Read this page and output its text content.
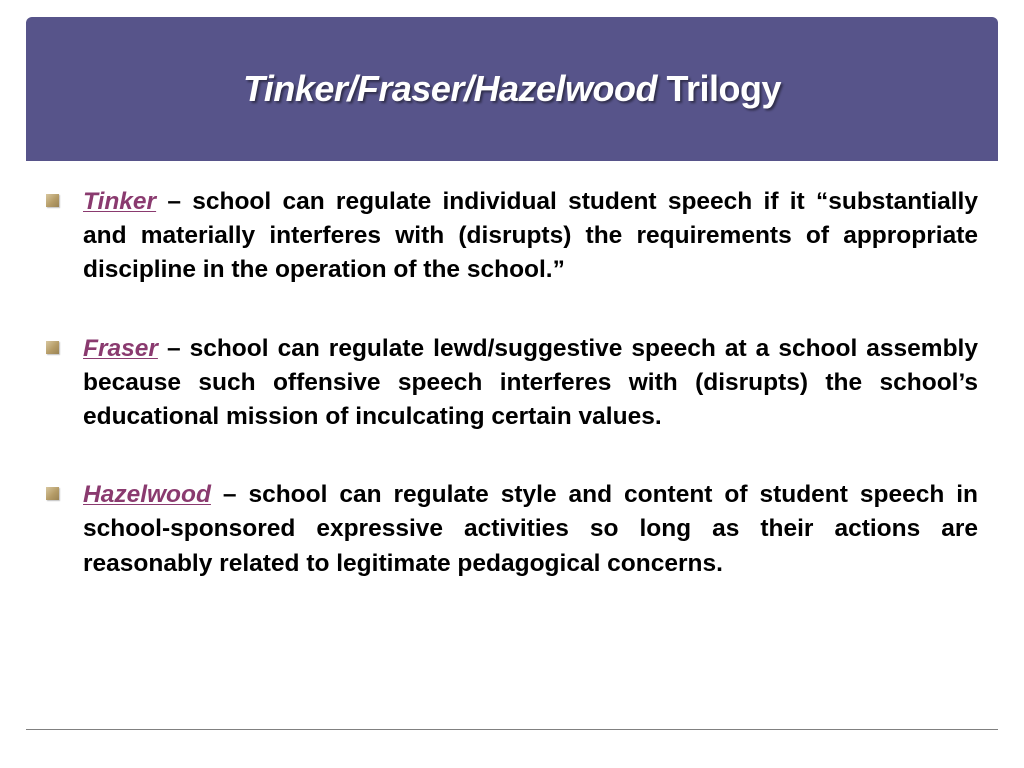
Tinker/Fraser/Hazelwood Trilogy
Tinker – school can regulate individual student speech if it “substantially and materially interferes with (disrupts) the requirements of appropriate discipline in the operation of the school.”
Fraser – school can regulate lewd/suggestive speech at a school assembly because such offensive speech interferes with (disrupts) the school’s educational mission of inculcating certain values.
Hazelwood – school can regulate style and content of student speech in school-sponsored expressive activities so long as their actions are reasonably related to legitimate pedagogical concerns.
